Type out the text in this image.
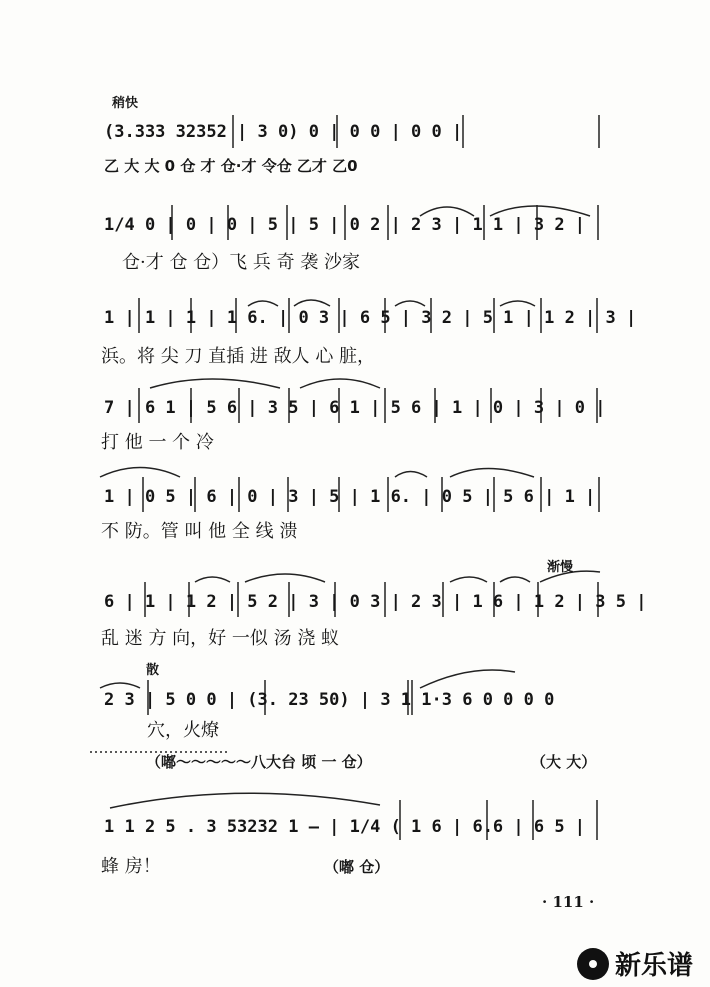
稍快
渐慢
散
(3.333 32352 | 3 0) 0 | 0 0 | 0 0 |
乙 大 大 0 仓 才 仓·才 令仓 乙才 乙0
1/4 0 | 0 | 0 | 5 | 5 | 0 2 | 2 3 | 1 1 | 3 2 |
仓·才 仓 仓）飞 兵 奇 袭 沙家
1 | 1 | 1 | 1 6. | 0 3 | 6 5 | 3 2 | 5 1 | 1 2 | 3 |
浜。将 尖 刀 直插 进 敌人 心 脏，
7 | 6 1 | 5 6 | 3 5 | 6 1 | 5 6 | 1 | 0 | 3 | 0 |
打 他 一 个 冷
1 | 0 5 | 6 | 0 | 3 | 5 | 1 6. | 0 5 | 5 6 | 1 |
不 防。管 叫 他 全 线 溃
6 | 1 | 1 2 | 5 2 | 3 | 0 3 | 2 3 | 1 6 | 1 2 | 3 5 |
乱 迷 方 向，好 一似 汤 浇 蚁
2 3 | 5 0 0 | (3. 23 50) | 3 1 1·3 6 0 0 0 0
穴，火燎
（嘟～～～～～八大台 顷 一 仓）	（大 大）
1 1 2 5 . 3 53232 1 – | 1/4 ( 1 6 | 6.6 | 6 5 |
蜂 房！	（嘟 仓）
· 111 ·
新乐谱
